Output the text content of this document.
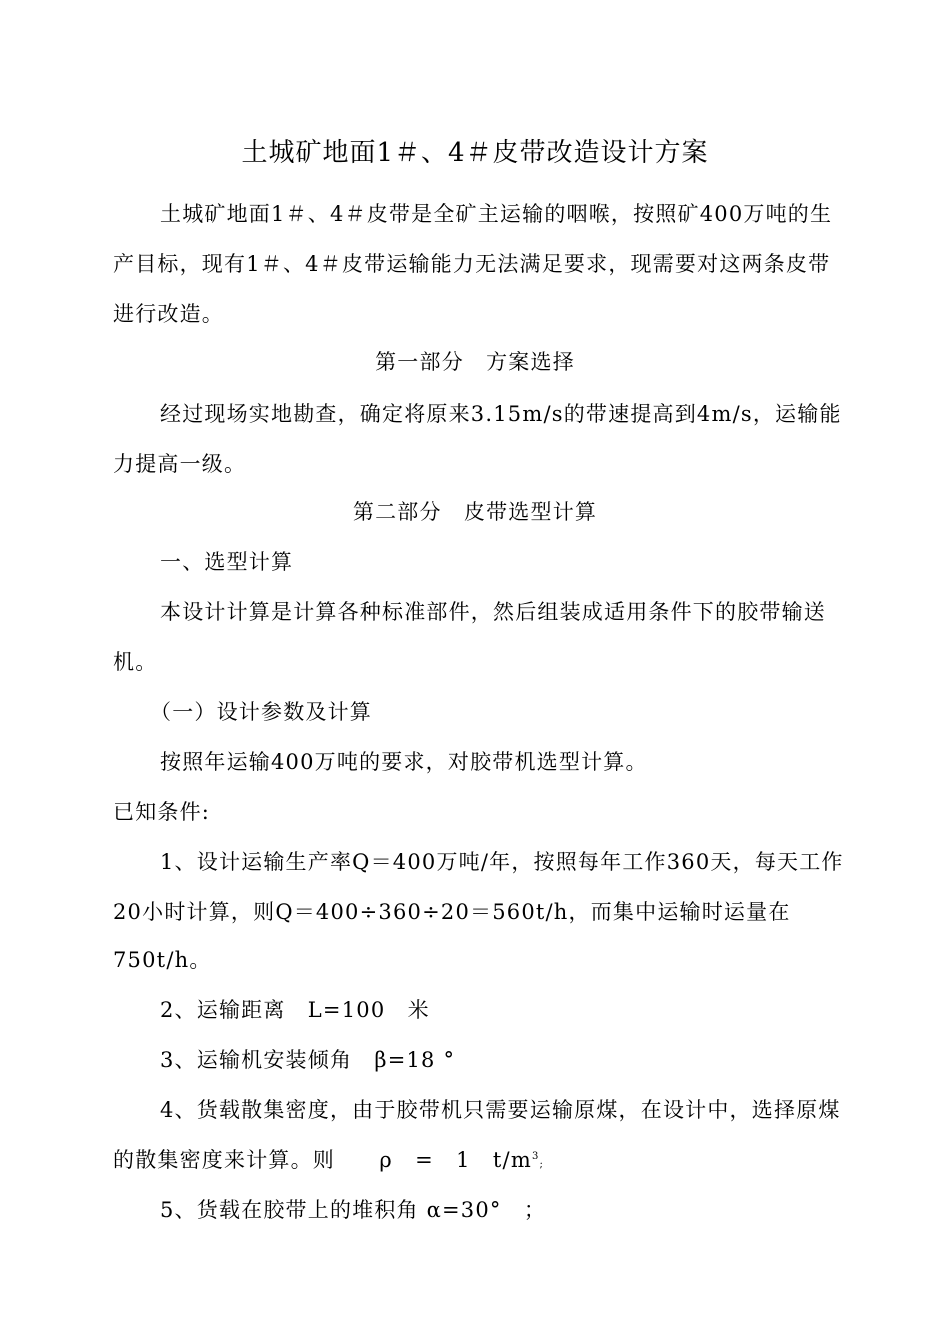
土城矿地面1＃、4＃皮带改造设计方案
土城矿地面1＃、4＃皮带是全矿主运输的咽喉，按照矿400万吨的生
产目标，现有1＃、4＃皮带运输能力无法满足要求，现需要对这两条皮带
进行改造。
第一部分　方案选择
经过现场实地勘查，确定将原来3.15m/s的带速提高到4m/s，运输能
力提高一级。
第二部分　皮带选型计算
一、选型计算
本设计计算是计算各种标准部件，然后组装成适用条件下的胶带输送
机。
（一）设计参数及计算
按照年运输400万吨的要求，对胶带机选型计算。
已知条件:
1、设计运输生产率Q＝400万吨/年，按照每年工作360天，每天工作
20小时计算，则Q＝400÷360÷20＝560t/h，而集中运输时运量在
750t/h。
2、运输距离　L=100　米
3、运输机安装倾角　β=18 °
4、货载散集密度，由于胶带机只需要运输原煤，在设计中，选择原煤
的散集密度来计算。则　　ρ　=　1　$t/m^3$;
5、货载在胶带上的堆积角 α=30°　；
